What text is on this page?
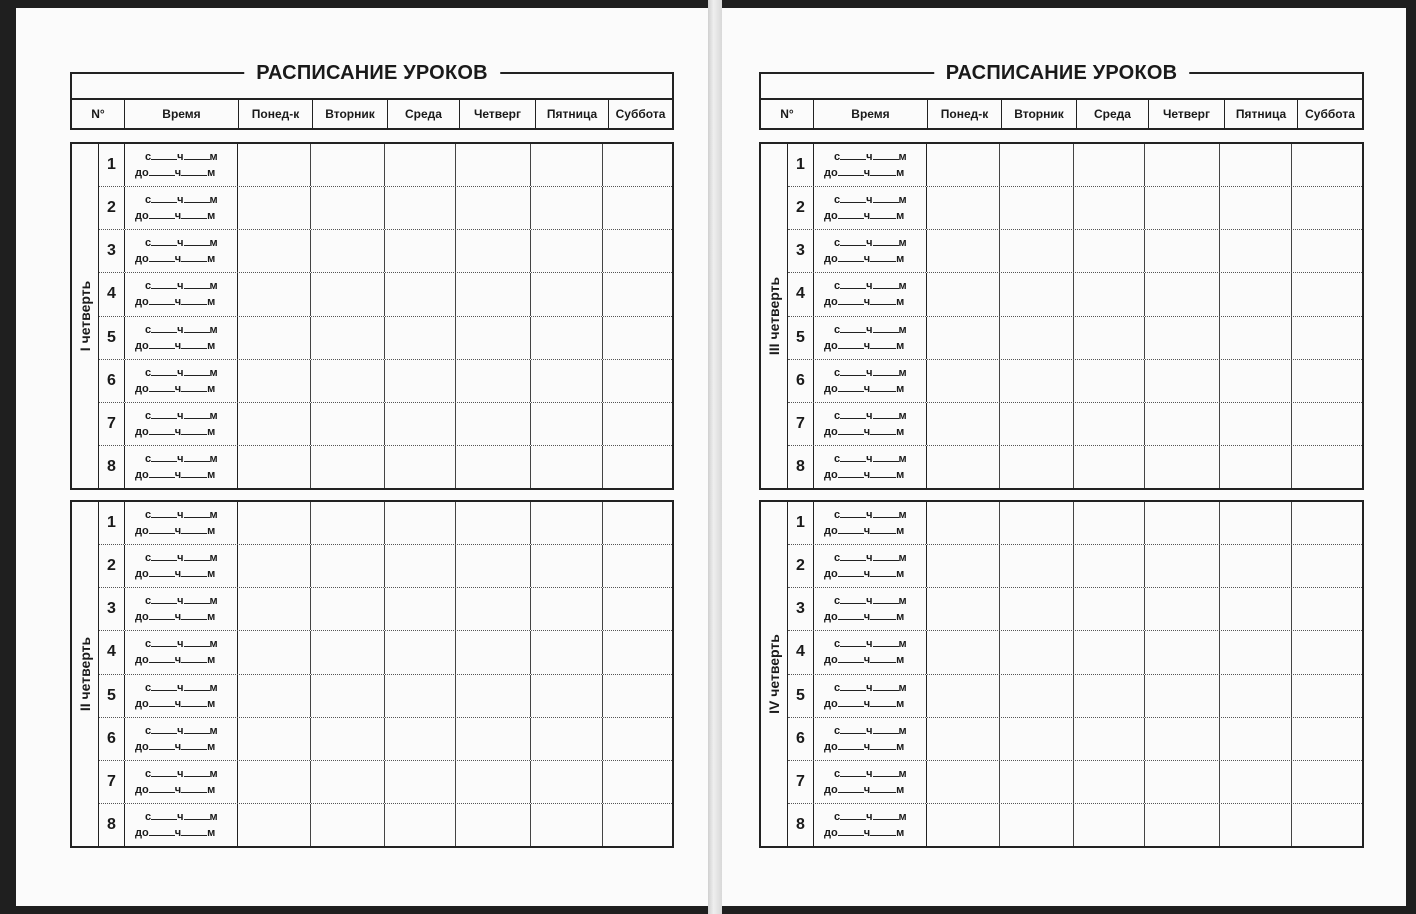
РАСПИСАНИЕ УРОКОВ
N°	Время	Понед-к	Вторник	Среда	Четверг	Пятница	Суббота
РАСПИСАНИЕ УРОКОВ
N°	Время	Понед-к	Вторник	Среда	Четверг	Пятница	Суббота
I четверть
1	с ч м
до ч м
2	с ч м
до ч м
3	с ч м
до ч м
4	с ч м
до ч м
5	с ч м
до ч м
6	с ч м
до ч м
7	с ч м
до ч м
8	с ч м
до ч м
II четверть
1	с ч м
до ч м
2	с ч м
до ч м
3	с ч м
до ч м
4	с ч м
до ч м
5	с ч м
до ч м
6	с ч м
до ч м
7	с ч м
до ч м
8	с ч м
до ч м
III четверть
1	с ч м
до ч м
2	с ч м
до ч м
3	с ч м
до ч м
4	с ч м
до ч м
5	с ч м
до ч м
6	с ч м
до ч м
7	с ч м
до ч м
8	с ч м
до ч м
IV четверть
1	с ч м
до ч м
2	с ч м
до ч м
3	с ч м
до ч м
4	с ч м
до ч м
5	с ч м
до ч м
6	с ч м
до ч м
7	с ч м
до ч м
8	с ч м
до ч м
